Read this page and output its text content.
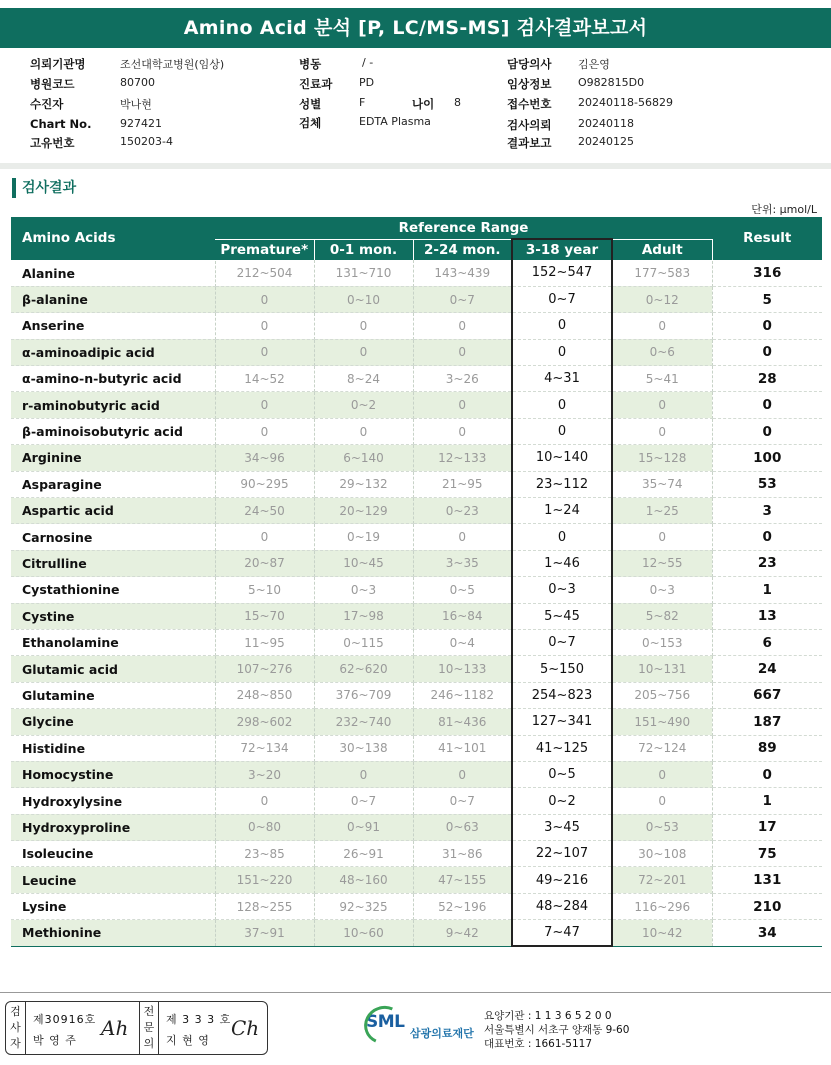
Amino Acid 분석 [P, LC/MS-MS] 검사결과보고서
의뢰기관명	조선대학교병원(임상)
병원코드	80700
수진자	박나현
Chart No.	927421
고유번호	150203-4
병동	/ -
진료과 PD
성별	F	나이 8
검체	EDTA Plasma
담당의사 김은영
임상정보 O982815D0
접수번호 20240118-56829
검사의뢰 20240118
결과보고 20240125
검사결과
단위: μmol/L
Amino Acids	Reference Range					Result
	Premature*	0-1 mon.	2-24 mon.	3-18 year	Adult	
Alanine	212~504	131~710	143~439	152~547	177~583	316
β-alanine	0	0~10	0~7	0~7	0~12	5
Anserine	0	0	0	0	0	0
α-aminoadipic acid	0	0	0	0	0~6	0
α-amino-n-butyric acid	14~52	8~24	3~26	4~31	5~41	28
r-aminobutyric acid	0	0~2	0	0	0	0
β-aminoisobutyric acid	0	0	0	0	0	0
Arginine	34~96	6~140	12~133	10~140	15~128	100
Asparagine	90~295	29~132	21~95	23~112	35~74	53
Aspartic acid	24~50	20~129	0~23	1~24	1~25	3
Carnosine	0	0~19	0	0	0	0
Citrulline	20~87	10~45	3~35	1~46	12~55	23
Cystathionine	5~10	0~3	0~5	0~3	0~3	1
Cystine	15~70	17~98	16~84	5~45	5~82	13
Ethanolamine	11~95	0~115	0~4	0~7	0~153	6
Glutamic acid	107~276	62~620	10~133	5~150	10~131	24
Glutamine	248~850	376~709	246~1182	254~823	205~756	667
Glycine	298~602	232~740	81~436	127~341	151~490	187
Histidine	72~134	30~138	41~101	41~125	72~124	89
Homocystine	3~20	0	0	0~5	0	0
Hydroxylysine	0	0~7	0~7	0~2	0	1
Hydroxyproline	0~80	0~91	0~63	3~45	0~53	17
Isoleucine	23~85	26~91	31~86	22~107	30~108	75
Leucine	151~220	48~160	47~155	49~216	72~201	131
Lysine	128~255	92~325	52~196	48~284	116~296	210
Methionine	37~91	10~60	9~42	7~47	10~42	34
검사자
제30916호
박 영 주
Ah
전문의
제 3 3 3 호
지 현 영
Ch	SML
삼광의료재단
요양기관 : 1 1 3 6 5 2 0 0
서울특별시 서초구 양재동 9-60
대표번호 : 1661-5117
